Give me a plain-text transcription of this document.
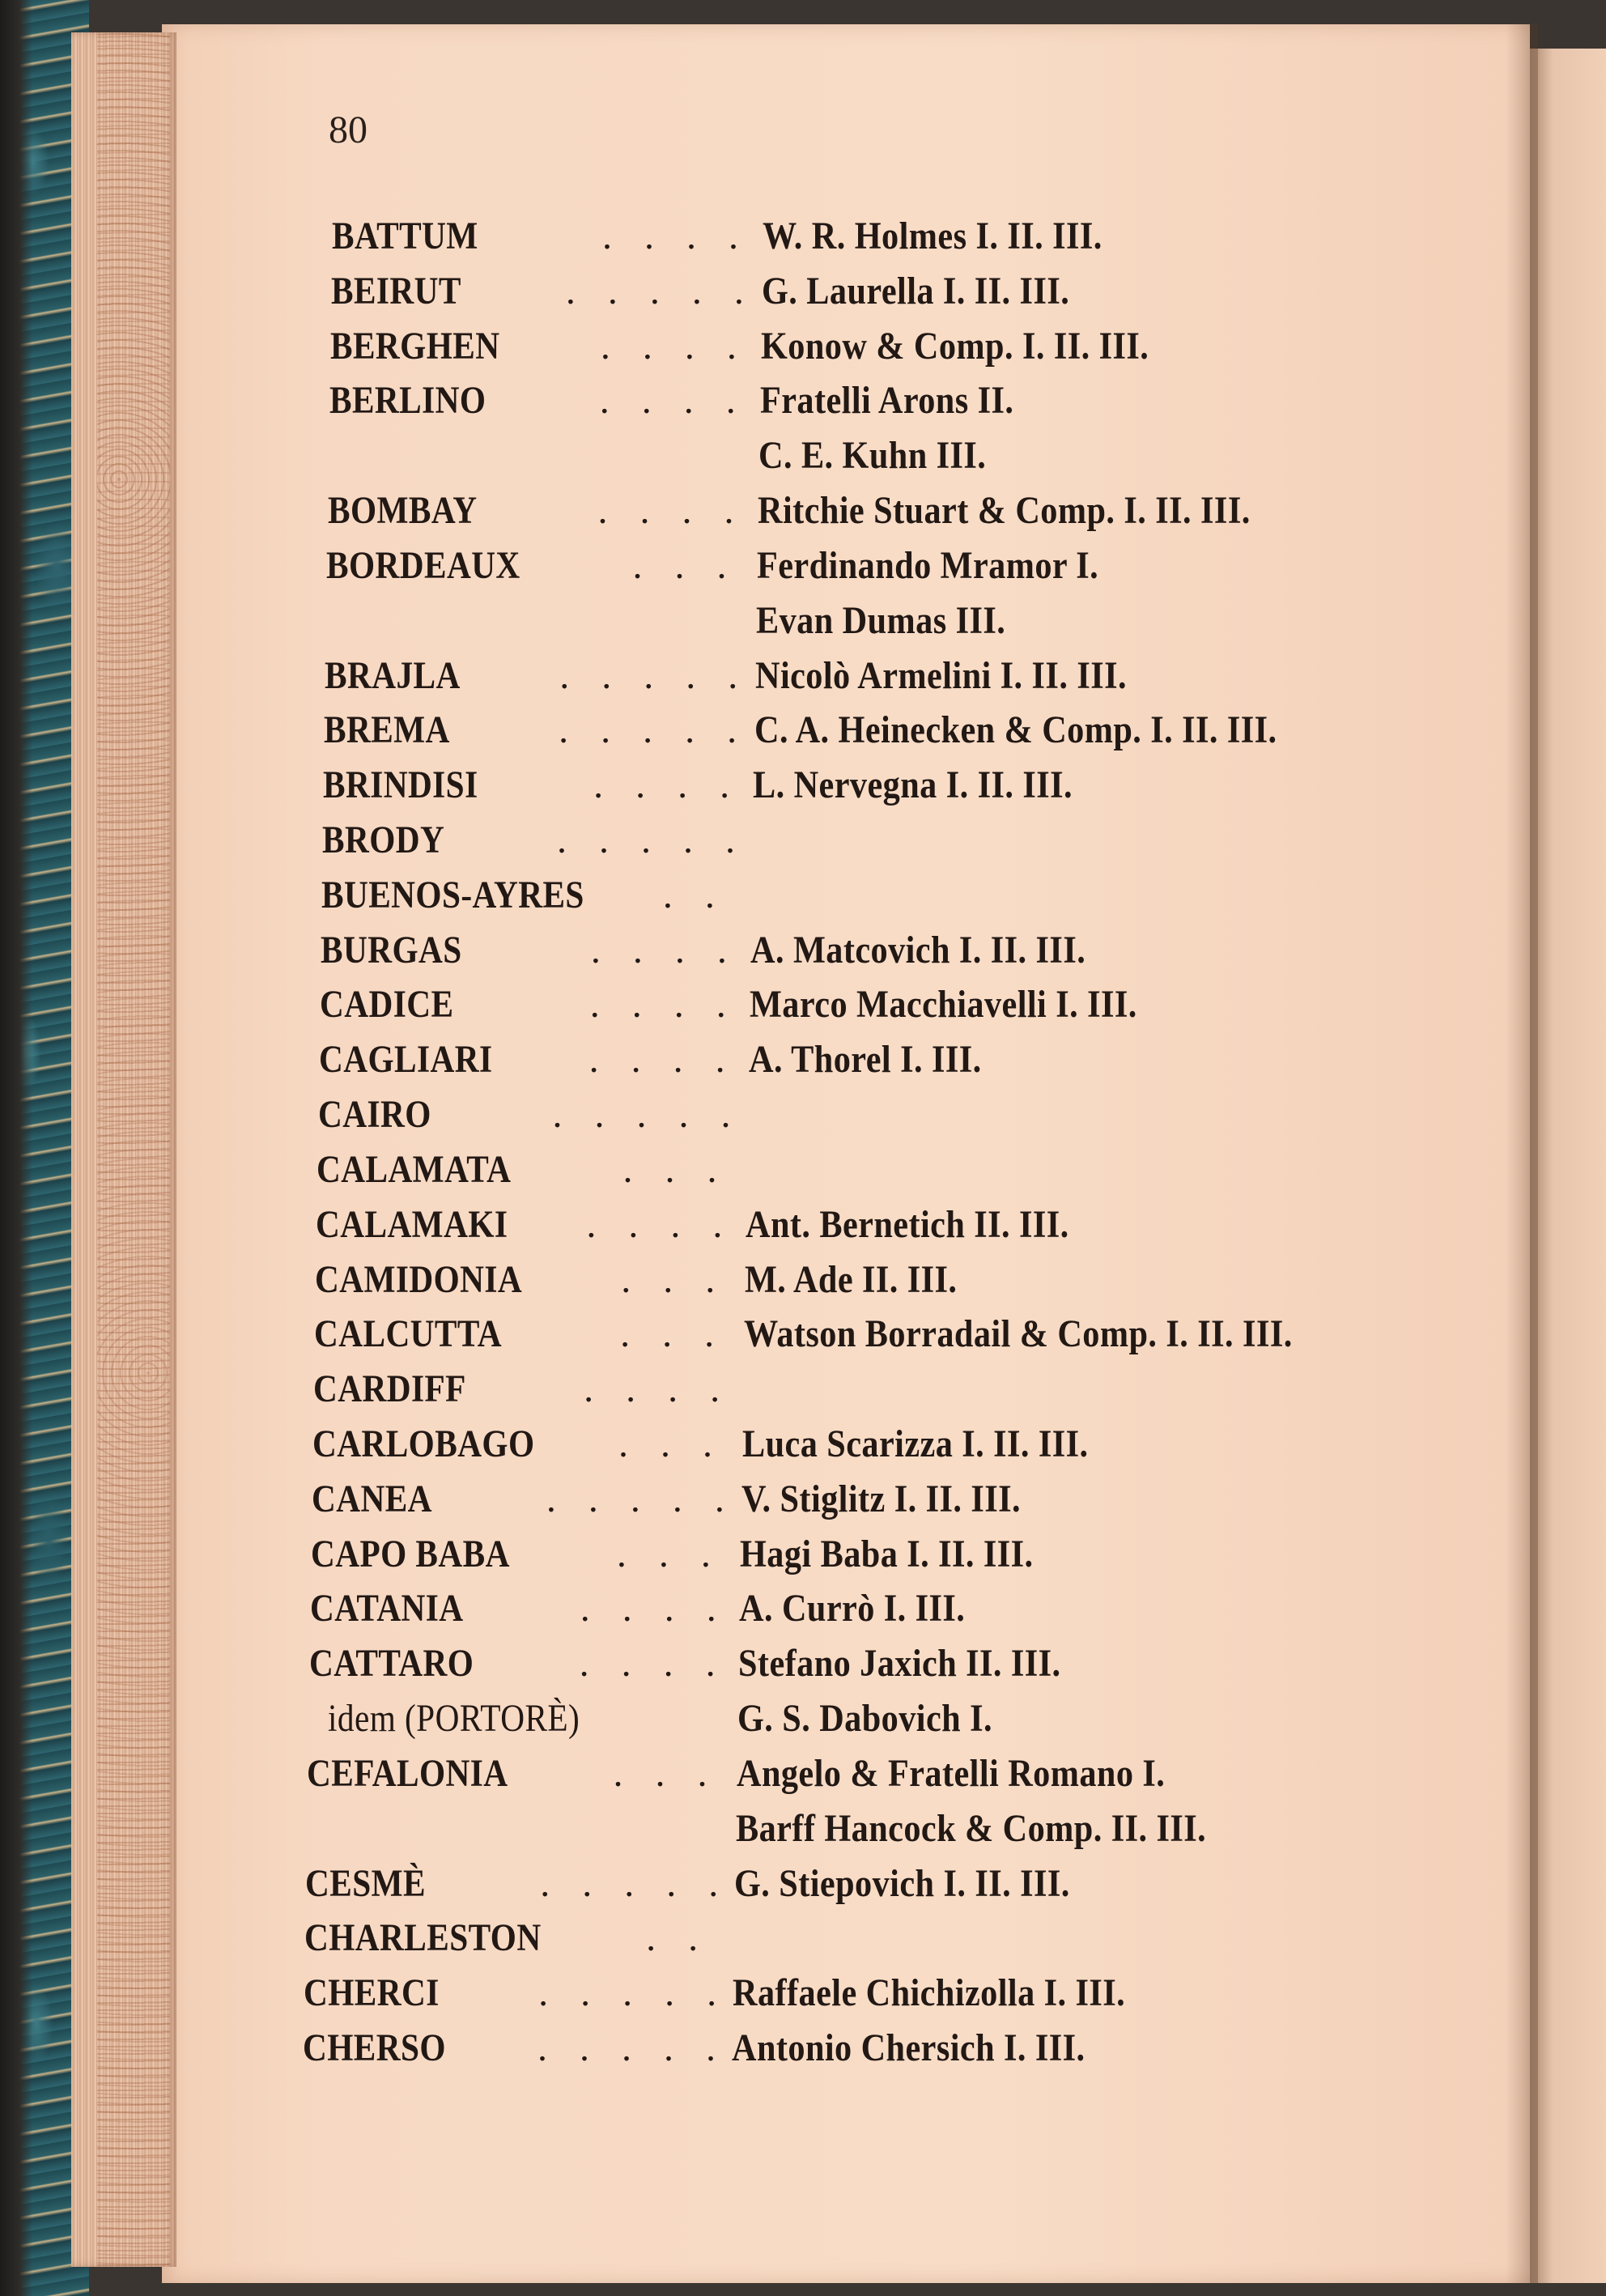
80
BATTUM	. . . . W. R. Holmes I. II. III.
BEIRUT	. . . . . G. Laurella I. II. III.
BERGHEN	. . . . Konow & Comp. I. II. III.
BERLINO	. . . . Fratelli Arons II.
C. E. Kuhn III.
BOMBAY	. . . . Ritchie Stuart & Comp. I. II. III.
BORDEAUX	. . . Ferdinando Mramor I.
Evan Dumas III.
BRAJLA	. . . . . Nicolò Armelini I. II. III.
BREMA	. . . . . C. A. Heinecken & Comp. I. II. III.
BRINDISI	. . . . L. Nervegna I. II. III.
BRODY	. . . . .
BUENOS-AYRES . .
BURGAS	. . . . A. Matcovich I. II. III.
CADICE	. . . . Marco Macchiavelli I. III.
CAGLIARI . . . . A. Thorel I. III.
CAIRO	. . . . .
CALAMATA	. . .
CALAMAKI . . . . Ant. Bernetich II. III.
CAMIDONIA	. . . M. Ade II. III.
CALCUTTA	. . . Watson Borradail & Comp. I. II. III.
CARDIFF	. . . .
CARLOBAGO . . . Luca Scarizza I. II. III.
CANEA	. . . . . V. Stiglitz I. II. III.
CAPO BABA	. . . Hagi Baba I. II. III.
CATANIA	. . . . A. Currò I. III.
CATTARO	. . . . Stefano Jaxich II. III.
idem (PORTORÈ)	G. S. Dabovich I.
CEFALONIA	. . . Angelo & Fratelli Romano I.
Barff Hancock & Comp. II. III.
CESMÈ	. . . . . G. Stiepovich I. II. III.
CHARLESTON	. .
CHERCI	. . . . . Raffaele Chichizolla I. III.
CHERSO . . . . . Antonio Chersich I. III.
